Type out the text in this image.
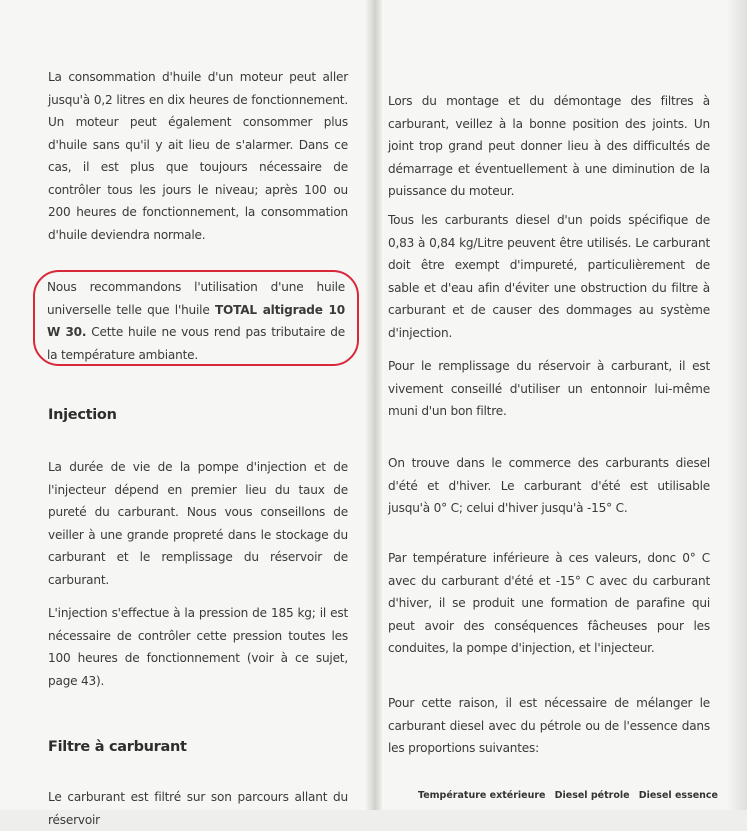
La consommation d'huile d'un moteur peut aller jusqu'à 0,2 litres en dix heures de fonctionnement. Un moteur peut également consommer plus d'huile sans qu'il y ait lieu de s'alarmer. Dans ce cas, il est plus que toujours nécessaire de contrôler tous les jours le niveau; après 100 ou 200 heures de fonctionnement, la consommation d'huile deviendra normale.

Nous recommandons l'utilisation d'une huile universelle telle que l'huile TOTAL altigrade 10 W 30. Cette huile ne vous rend pas tributaire de la température ambiante.

Injection

La durée de vie de la pompe d'injection et de l'injecteur dépend en premier lieu du taux de pureté du carburant. Nous vous conseillons de veiller à une grande propreté dans le stockage du carburant et le remplissage du réservoir de carburant.

L'injection s'effectue à la pression de 185 kg; il est nécessaire de contrôler cette pression toutes les 100 heures de fonctionnement (voir à ce sujet, page 43).

Filtre à carburant

Le carburant est filtré sur son parcours allant du réservoir

Lors du montage et du démontage des filtres à carburant, veillez à la bonne position des joints. Un joint trop grand peut donner lieu à des difficultés de démarrage et éventuellement à une diminution de la puissance du moteur.

Tous les carburants diesel d'un poids spécifique de 0,83 à 0,84 kg/Litre peuvent être utilisés. Le carburant doit être exempt d'impureté, particulièrement de sable et d'eau afin d'éviter une obstruction du filtre à carburant et de causer des dommages au système d'injection.

Pour le remplissage du réservoir à carburant, il est vivement conseillé d'utiliser un entonnoir lui-même muni d'un bon filtre.

On trouve dans le commerce des carburants diesel d'été et d'hiver. Le carburant d'été est utilisable jusqu'à 0° C; celui d'hiver jusqu'à -15° C.

Par température inférieure à ces valeurs, donc 0° C avec du carburant d'été et -15° C avec du carburant d'hiver, il se produit une formation de parafine qui peut avoir des conséquences fâcheuses pour les conduites, la pompe d'injection, et l'injecteur.

Pour cette raison, il est nécessaire de mélanger le carburant diesel avec du pétrole ou de l'essence dans les proportions suivantes:

Température extérieure Diesel pétrole Diesel essence
